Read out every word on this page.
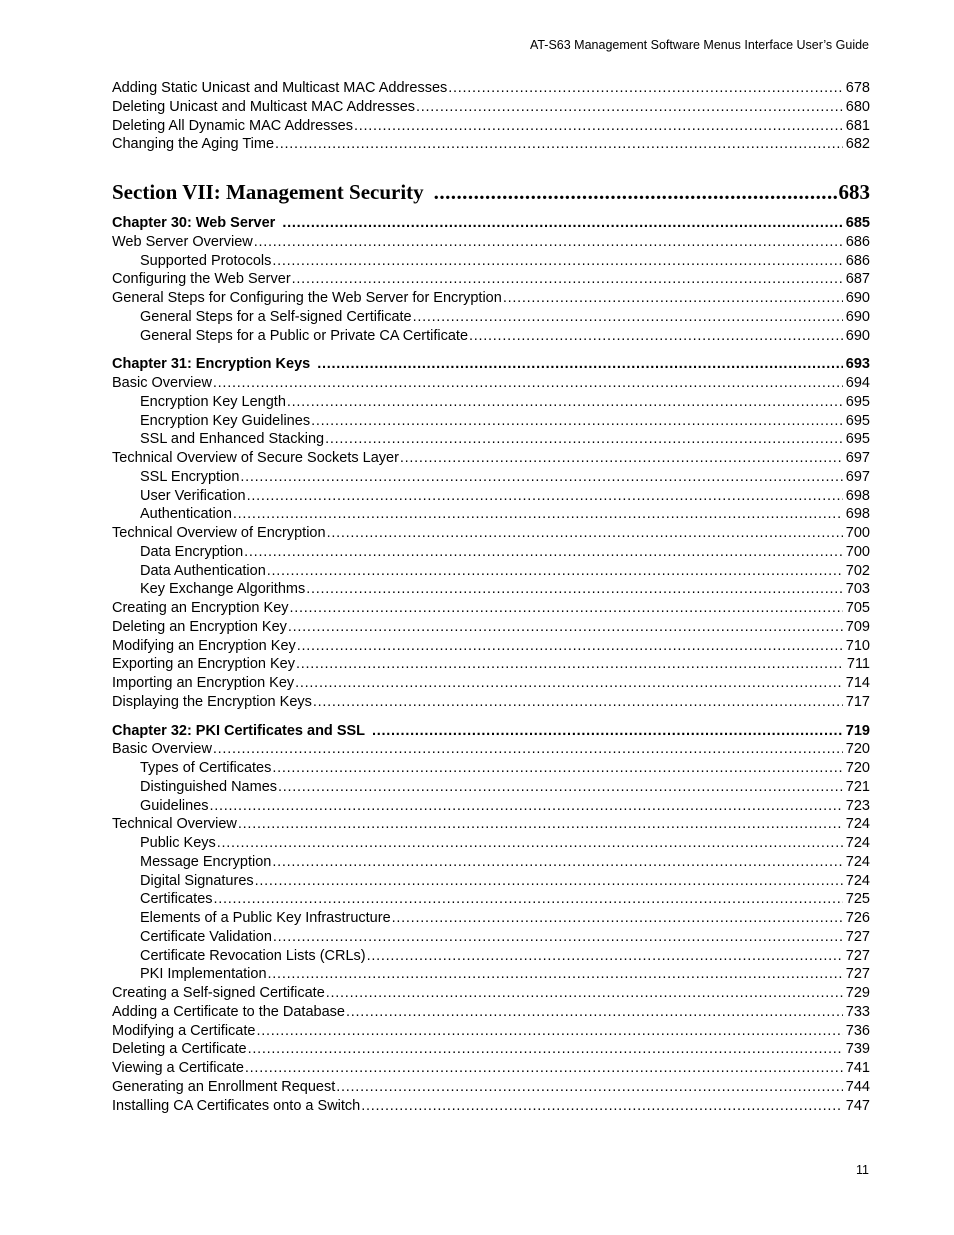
AT-S63 Management Software Menus Interface User’s Guide
Adding Static Unicast and Multicast MAC Addresses . . .	678
Deleting Unicast and Multicast MAC Addresses . . .	680
Deleting All Dynamic MAC Addresses . . .	681
Changing the Aging Time . . .	682
Section VII: Management Security . . .	683
Chapter 30: Web Server . . .	685
Web Server Overview . . .	686
Supported Protocols . . .	686
Configuring the Web Server . . .	687
General Steps for Configuring the Web Server for Encryption . . .	690
General Steps for a Self-signed Certificate . . .	690
General Steps for a Public or Private CA Certificate . . .	690
Chapter 31: Encryption Keys . . .	693
Basic Overview . . .	694
Encryption Key Length . . .	695
Encryption Key Guidelines . . .	695
SSL and Enhanced Stacking . . .	695
Technical Overview of Secure Sockets Layer . . .	697
SSL Encryption . . .	697
User Verification . . .	698
Authentication . . .	698
Technical Overview of Encryption . . .	700
Data Encryption . . .	700
Data Authentication . . .	702
Key Exchange Algorithms . . .	703
Creating an Encryption Key . . .	705
Deleting an Encryption Key . . .	709
Modifying an Encryption Key . . .	710
Exporting an Encryption Key . . .	711
Importing an Encryption Key . . .	714
Displaying the Encryption Keys . . .	717
Chapter 32: PKI Certificates and SSL . . .	719
Basic Overview . . .	720
Types of Certificates . . .	720
Distinguished Names . . .	721
Guidelines . . .	723
Technical Overview . . .	724
Public Keys . . .	724
Message Encryption . . .	724
Digital Signatures . . .	724
Certificates . . .	725
Elements of a Public Key Infrastructure . . .	726
Certificate Validation . . .	727
Certificate Revocation Lists (CRLs) . . .	727
PKI Implementation . . .	727
Creating a Self-signed Certificate . . .	729
Adding a Certificate to the Database . . .	733
Modifying a Certificate . . .	736
Deleting a Certificate . . .	739
Viewing a Certificate . . .	741
Generating an Enrollment Request . . .	744
Installing CA Certificates onto a Switch . . .	747
11
